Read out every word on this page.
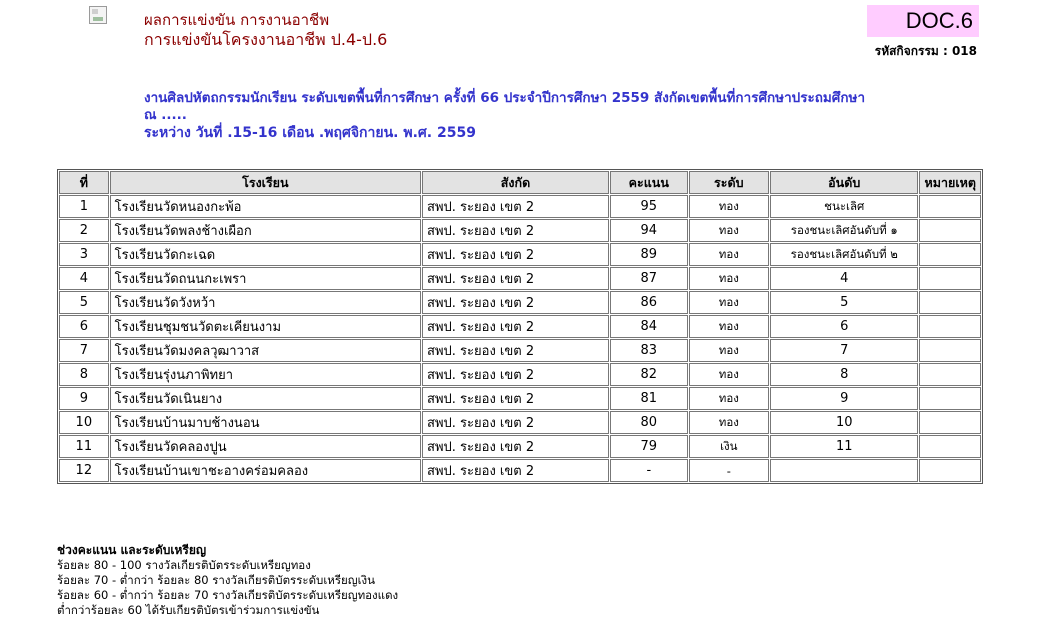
ผลการแข่งขัน การงานอาชีพ
การแข่งขันโครงงานอาชีพ ป.4-ป.6
DOC.6
รหัสกิจกรรม : 018
งานศิลปหัตถกรรมนักเรียน ระดับเขตพื้นที่การศึกษา ครั้งที่ 66 ประจำปีการศึกษา 2559 สังกัดเขตพื้นที่การศึกษาประถมศึกษา ณ .....
ระหว่าง วันที่ .15-16 เดือน .พฤศจิกายน. พ.ศ. 2559
ที่	โรงเรียน	สังกัด	คะแนน	ระดับ	อันดับ	หมายเหตุ
1	โรงเรียนวัดหนองกะพ้อ	สพป. ระยอง เขต 2	95	ทอง	ชนะเลิศ	
2	โรงเรียนวัดพลงช้างเผือก	สพป. ระยอง เขต 2	94	ทอง	รองชนะเลิศอันดับที่ ๑	
3	โรงเรียนวัดกะเฉด	สพป. ระยอง เขต 2	89	ทอง	รองชนะเลิศอันดับที่ ๒	
4	โรงเรียนวัดถนนกะเพรา	สพป. ระยอง เขต 2	87	ทอง	4	
5	โรงเรียนวัดวังหว้า	สพป. ระยอง เขต 2	86	ทอง	5	
6	โรงเรียนชุมชนวัดตะเคียนงาม	สพป. ระยอง เขต 2	84	ทอง	6	
7	โรงเรียนวัดมงคลวุฒาวาส	สพป. ระยอง เขต 2	83	ทอง	7	
8	โรงเรียนรุ่งนภาพิทยา	สพป. ระยอง เขต 2	82	ทอง	8	
9	โรงเรียนวัดเนินยาง	สพป. ระยอง เขต 2	81	ทอง	9	
10	โรงเรียนบ้านมาบช้างนอน	สพป. ระยอง เขต 2	80	ทอง	10	
11	โรงเรียนวัดคลองปูน	สพป. ระยอง เขต 2	79	เงิน	11	
12	โรงเรียนบ้านเขาชะอางคร่อมคลอง	สพป. ระยอง เขต 2	-	-		
ช่วงคะแนน และระดับเหรียญ
ร้อยละ 80 - 100 รางวัลเกียรติบัตรระดับเหรียญทอง
ร้อยละ 70 - ต่ำกว่า ร้อยละ 80 รางวัลเกียรติบัตรระดับเหรียญเงิน
ร้อยละ 60 - ต่ำกว่า ร้อยละ 70 รางวัลเกียรติบัตรระดับเหรียญทองแดง
ต่ำกว่าร้อยละ 60 ได้รับเกียรติบัตรเข้าร่วมการแข่งขัน
